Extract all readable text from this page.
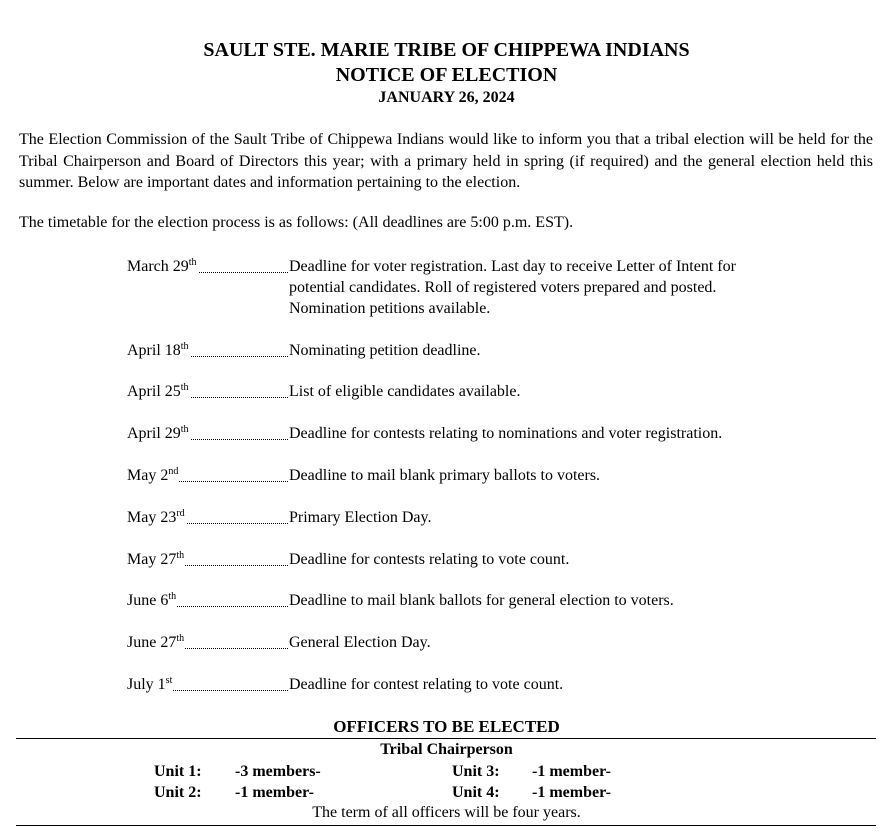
SAULT STE. MARIE TRIBE OF CHIPPEWA INDIANS
NOTICE OF ELECTION
JANUARY 26, 2024

The Election Commission of the Sault Tribe of Chippewa Indians would like to inform you that a tribal election will be held for the Tribal Chairperson and Board of Directors this year; with a primary held in spring (if required) and the general election held this summer. Below are important dates and information pertaining to the election.

The timetable for the election process is as follows: (All deadlines are 5:00 p.m. EST).
March 29th	Deadline for voter registration. Last day to receive Letter of Intent for potential candidates. Roll of registered voters prepared and posted. Nomination petitions available.
April 18th	Nominating petition deadline.
April 25th	List of eligible candidates available.
April 29th	Deadline for contests relating to nominations and voter registration.
May 2nd	Deadline to mail blank primary ballots to voters.
May 23rd	Primary Election Day.
May 27th	Deadline for contests relating to vote count.
June 6th	Deadline to mail blank ballots for general election to voters.
June 27th	General Election Day.
July 1st	Deadline for contest relating to vote count.
OFFICERS TO BE ELECTED
Tribal Chairperson
Unit 1: -3 members-	Unit 3: -1 member-
Unit 2: -1 member-	Unit 4: -1 member-
The term of all officers will be four years.
